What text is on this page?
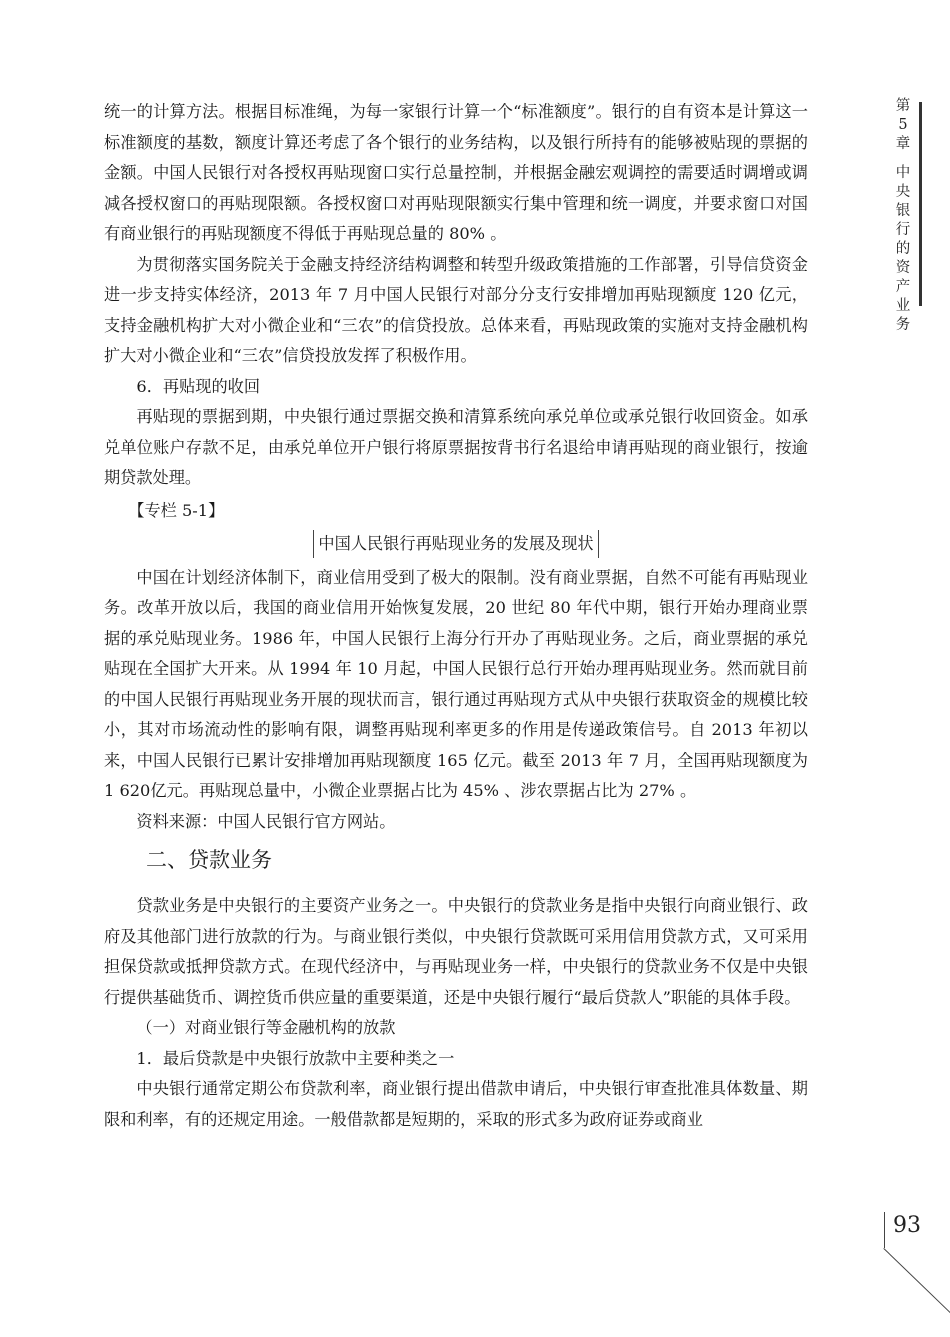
统一的计算方法。根据目标准绳，为每一家银行计算一个“标准额度”。银行的自有资本是计算这一标准额度的基数，额度计算还考虑了各个银行的业务结构，以及银行所持有的能够被贴现的票据的金额。中国人民银行对各授权再贴现窗口实行总量控制，并根据金融宏观调控的需要适时调增或调减各授权窗口的再贴现限额。各授权窗口对再贴现限额实行集中管理和统一调度，并要求窗口对国有商业银行的再贴现额度不得低于再贴现总量的 80% 。

为贯彻落实国务院关于金融支持经济结构调整和转型升级政策措施的工作部署，引导信贷资金进一步支持实体经济，2013 年 7 月中国人民银行对部分分支行安排增加再贴现额度 120 亿元，支持金融机构扩大对小微企业和“三农”的信贷投放。总体来看，再贴现政策的实施对支持金融机构扩大对小微企业和“三农”信贷投放发挥了积极作用。

6．再贴现的收回

再贴现的票据到期，中央银行通过票据交换和清算系统向承兑单位或承兑银行收回资金。如承兑单位账户存款不足，由承兑单位开户银行将原票据按背书行名退给申请再贴现的商业银行，按逾期贷款处理。

【专栏 5-1】

中国人民银行再贴现业务的发展及现状

中国在计划经济体制下，商业信用受到了极大的限制。没有商业票据，自然不可能有再贴现业务。改革开放以后，我国的商业信用开始恢复发展，20 世纪 80 年代中期，银行开始办理商业票据的承兑贴现业务。1986 年，中国人民银行上海分行开办了再贴现业务。之后，商业票据的承兑贴现在全国扩大开来。从 1994 年 10 月起，中国人民银行总行开始办理再贴现业务。然而就目前的中国人民银行再贴现业务开展的现状而言，银行通过再贴现方式从中央银行获取资金的规模比较小，其对市场流动性的影响有限，调整再贴现利率更多的作用是传递政策信号。自 2013 年初以来，中国人民银行已累计安排增加再贴现额度 165 亿元。截至 2013 年 7 月，全国再贴现额度为 1 620亿元。再贴现总量中，小微企业票据占比为 45% 、涉农票据占比为 27% 。

资料来源：中国人民银行官方网站。

二、贷款业务

贷款业务是中央银行的主要资产业务之一。中央银行的贷款业务是指中央银行向商业银行、政府及其他部门进行放款的行为。与商业银行类似，中央银行贷款既可采用信用贷款方式，又可采用担保贷款或抵押贷款方式。在现代经济中，与再贴现业务一样，中央银行的贷款业务不仅是中央银行提供基础货币、调控货币供应量的重要渠道，还是中央银行履行“最后贷款人”职能的具体手段。

（一）对商业银行等金融机构的放款

1．最后贷款是中央银行放款中主要种类之一

中央银行通常定期公布贷款利率，商业银行提出借款申请后，中央银行审查批准具体数量、期限和利率，有的还规定用途。一般借款都是短期的，采取的形式多为政府证券或商业

第
5
章
中
央
银
行
的
资
产
业
务
93
